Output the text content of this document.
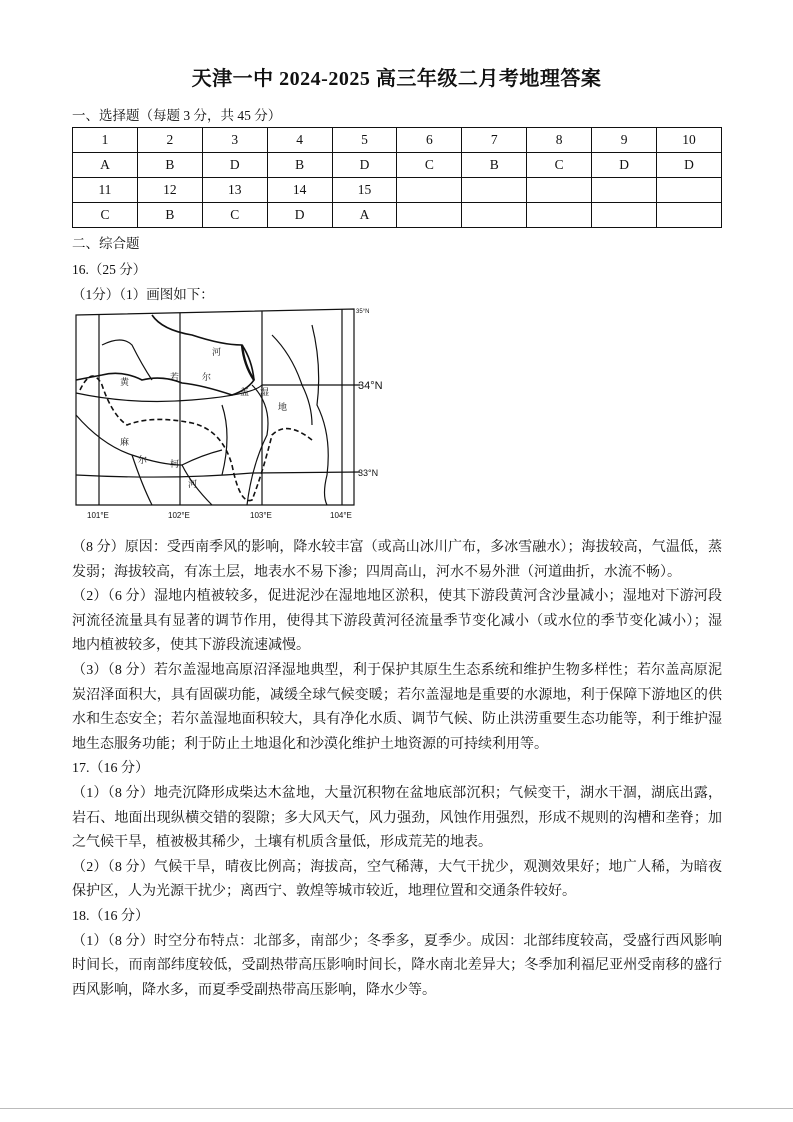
天津一中 2024-2025 高三年级二月考地理答案
一、选择题（每题 3 分，共 45 分）
1	2	3	4	5	6	7	8	9	10
A	B	D	B	D	C	B	C	D	D
11	12	13	14	15					
C	B	C	D	A					
二、综合题
16.（25 分）
（1分）（1）画图如下：
黄
河
若	尔
盖 湿
地
麻
尔	柯
河
35°N
34°N
33°N
101°E	102°E	103°E	104°E

（8 分）原因：受西南季风的影响，降水较丰富（或高山冰川广布，多冰雪融水）；海拔较高，气温低，蒸发弱；海拔较高，有冻土层，地表水不易下渗；四周高山，河水不易外泄（河道曲折，水流不畅）。

（2）（6 分）湿地内植被较多，促进泥沙在湿地地区淤积，使其下游段黄河含沙量减小；湿地对下游河段河流径流量具有显著的调节作用，使得其下游段黄河径流量季节变化减小（或水位的季节变化减小）；湿地内植被较多，使其下游段流速减慢。

（3）（8 分）若尔盖湿地高原沼泽湿地典型，利于保护其原生生态系统和维护生物多样性；若尔盖高原泥炭沼泽面积大，具有固碳功能，减缓全球气候变暖；若尔盖湿地是重要的水源地，利于保障下游地区的供水和生态安全；若尔盖湿地面积较大，具有净化水质、调节气候、防止洪涝重要生态功能等，利于维护湿地生态服务功能；利于防止土地退化和沙漠化维护土地资源的可持续利用等。

17.（16 分）

（1）（8 分）地壳沉降形成柴达木盆地，大量沉积物在盆地底部沉积；气候变干，湖水干涸，湖底出露，岩石、地面出现纵横交错的裂隙；多大风天气，风力强劲，风蚀作用强烈，形成不规则的沟槽和垄脊；加之气候干旱，植被极其稀少，土壤有机质含量低，形成荒芜的地表。

（2）（8 分）气候干旱，晴夜比例高；海拔高，空气稀薄，大气干扰少，观测效果好；地广人稀，为暗夜保护区，人为光源干扰少；离西宁、敦煌等城市较近，地理位置和交通条件较好。

18.（16 分）

（1）（8 分）时空分布特点：北部多，南部少；冬季多，夏季少。成因：北部纬度较高，受盛行西风影响时间长，而南部纬度较低，受副热带高压影响时间长，降水南北差异大；冬季加利福尼亚州受南移的盛行西风影响，降水多，而夏季受副热带高压影响，降水少等。
